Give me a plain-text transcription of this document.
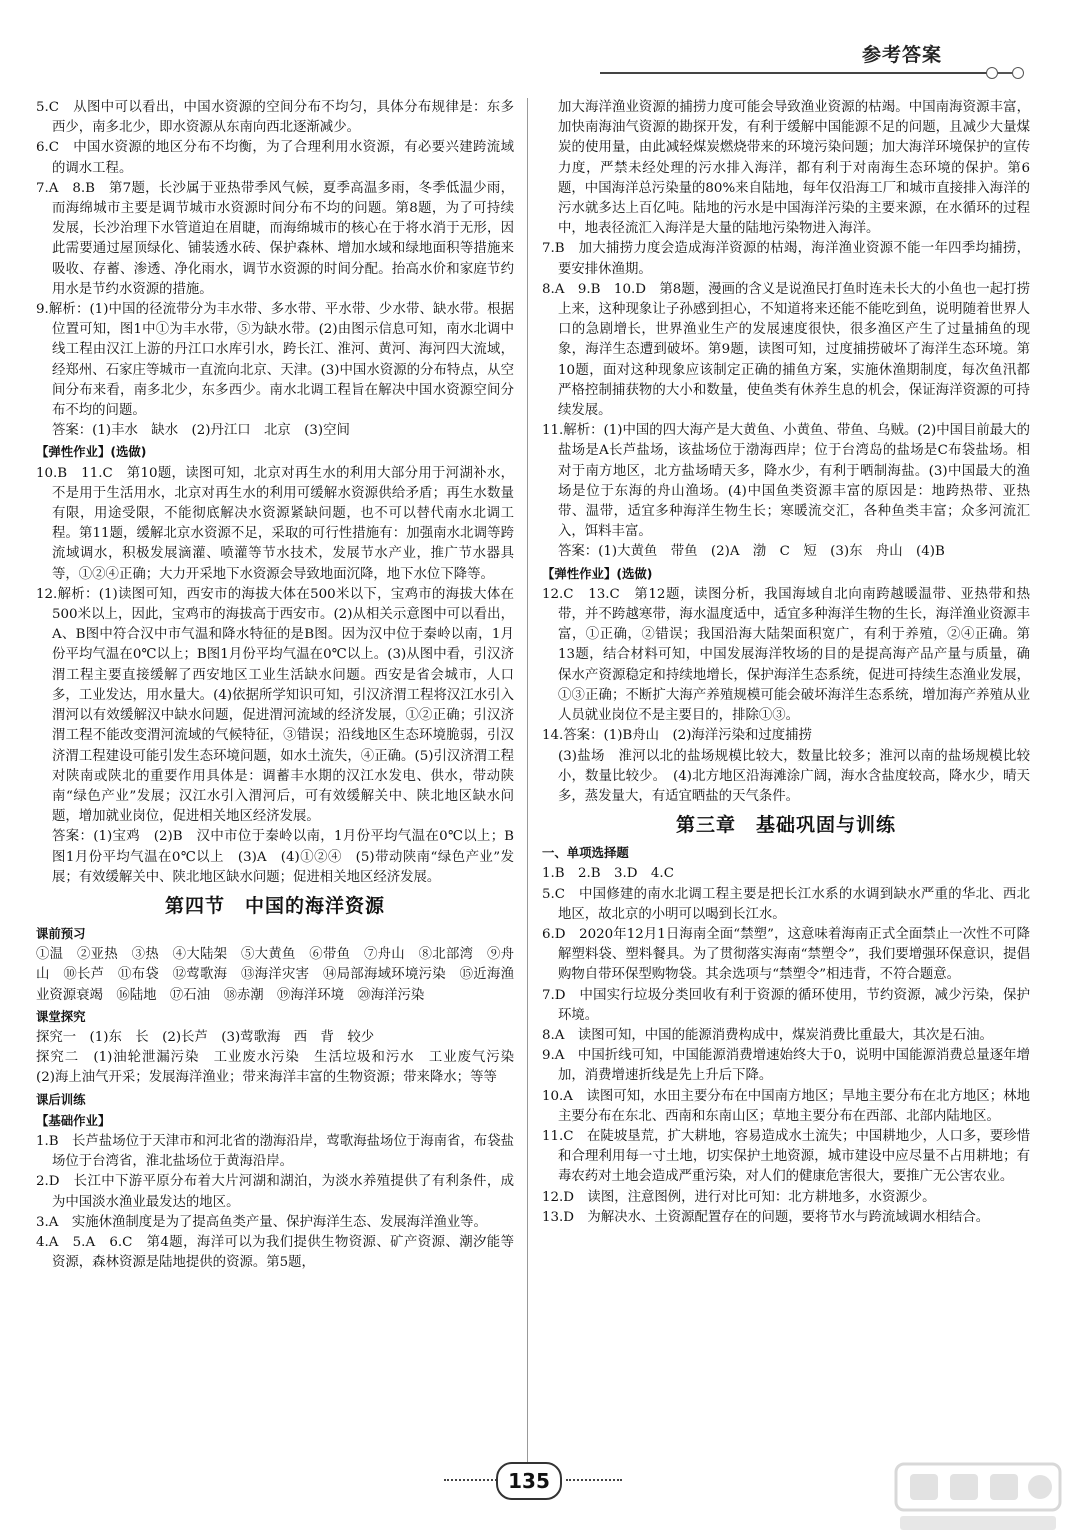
参考答案
5.C　从图中可以看出，中国水资源的空间分布不均匀，具体分布规律是：东多西少，南多北少，即水资源从东南向西北逐渐减少。
6.C　中国水资源的地区分布不均衡，为了合理利用水资源，有必要兴建跨流域的调水工程。
7.A　8.B　第7题，长沙属于亚热带季风气候，夏季高温多雨，冬季低温少雨，而海绵城市主要是调节城市水资源时间分布不均的问题。第8题，为了可持续发展，长沙治理下水管道迫在眉睫，而海绵城市的核心在于将水消于无形，因此需要通过屋顶绿化、铺装透水砖、保护森林、增加水域和绿地面积等措施来吸收、存蓄、渗透、净化雨水，调节水资源的时间分配。抬高水价和家庭节约用水是节约水资源的措施。
9.解析：(1)中国的径流带分为丰水带、多水带、平水带、少水带、缺水带。根据位置可知，图1中①为丰水带，⑤为缺水带。(2)由图示信息可知，南水北调中线工程由汉江上游的丹江口水库引水，跨长江、淮河、黄河、海河四大流域，经郑州、石家庄等城市一直流向北京、天津。(3)中国水资源的分布特点，从空间分布来看，南多北少，东多西少。南水北调工程旨在解决中国水资源空间分布不均的问题。
答案：(1)丰水　缺水　(2)丹江口　北京　(3)空间
【弹性作业】(选做)
10.B　11.C　第10题，读图可知，北京对再生水的利用大部分用于河湖补水，不是用于生活用水，北京对再生水的利用可缓解水资源供给矛盾；再生水数量有限，用途受限，不能彻底解决水资源紧缺问题，也不可以替代南水北调工程。第11题，缓解北京水资源不足，采取的可行性措施有：加强南水北调等跨流域调水，积极发展滴灌、喷灌等节水技术，发展节水产业，推广节水器具等，①②④正确；大力开采地下水资源会导致地面沉降，地下水位下降等。
12.解析：(1)读图可知，西安市的海拔大体在500米以下，宝鸡市的海拔大体在500米以上，因此，宝鸡市的海拔高于西安市。(2)从相关示意图中可以看出，A、B图中符合汉中市气温和降水特征的是B图。因为汉中位于秦岭以南，1月份平均气温在0℃以上；B图1月份平均气温在0℃以上。(3)从图中看，引汉济渭工程主要直接缓解了西安地区工业生活缺水问题。西安是省会城市，人口多，工业发达，用水量大。(4)依据所学知识可知，引汉济渭工程将汉江水引入渭河以有效缓解汉中缺水问题，促进渭河流域的经济发展，①②正确；引汉济渭工程不能改变渭河流域的气候特征，③错误；沿线地区生态环境脆弱，引汉济渭工程建设可能引发生态环境问题，如水土流失，④正确。(5)引汉济渭工程对陕南或陕北的重要作用具体是：调蓄丰水期的汉江水发电、供水，带动陕南“绿色产业”发展；汉江水引入渭河后，可有效缓解关中、陕北地区缺水问题，增加就业岗位，促进相关地区经济发展。
答案：(1)宝鸡　(2)B　汉中市位于秦岭以南，1月份平均气温在0℃以上；B图1月份平均气温在0℃以上　(3)A　(4)①②④　(5)带动陕南“绿色产业”发展；有效缓解关中、陕北地区缺水问题；促进相关地区经济发展。
第四节　中国的海洋资源
课前预习
①温　②亚热　③热　④大陆架　⑤大黄鱼　⑥带鱼　⑦舟山　⑧北部湾　⑨舟山　⑩长芦　⑪布袋　⑫莺歌海　⑬海洋灾害　⑭局部海域环境污染　⑮近海渔业资源衰竭　⑯陆地　⑰石油　⑱赤潮　⑲海洋环境　⑳海洋污染
课堂探究
探究一　(1)东　长　(2)长芦　(3)莺歌海　西　背　较少
探究二　(1)油轮泄漏污染　工业废水污染　生活垃圾和污水　工业废气污染　(2)海上油气开采；发展海洋渔业；带来海洋丰富的生物资源；带来降水；等等
课后训练
【基础作业】
1.B　长芦盐场位于天津市和河北省的渤海沿岸，莺歌海盐场位于海南省，布袋盐场位于台湾省，淮北盐场位于黄海沿岸。
2.D　长江中下游平原分布着大片河湖和湖泊，为淡水养殖提供了有利条件，成为中国淡水渔业最发达的地区。
3.A　实施休渔制度是为了提高鱼类产量、保护海洋生态、发展海洋渔业等。
4.A　5.A　6.C　第4题，海洋可以为我们提供生物资源、矿产资源、潮汐能等资源，森林资源是陆地提供的资源。第5题，
加大海洋渔业资源的捕捞力度可能会导致渔业资源的枯竭。中国南海资源丰富，加快南海油气资源的勘探开发，有利于缓解中国能源不足的问题，且减少大量煤炭的使用量，由此减轻煤炭燃烧带来的环境污染问题；加大海洋环境保护的宣传力度，严禁未经处理的污水排入海洋，都有利于对南海生态环境的保护。第6题，中国海洋总污染量的80%来自陆地，每年仅沿海工厂和城市直接排入海洋的污水就多达上百亿吨。陆地的污水是中国海洋污染的主要来源，在水循环的过程中，地表径流汇入海洋是大量的陆地污染物进入海洋。
7.B　加大捕捞力度会造成海洋资源的枯竭，海洋渔业资源不能一年四季均捕捞，要安排休渔期。
8.A　9.B　10.D　第8题，漫画的含义是说渔民打鱼时连未长大的小鱼也一起打捞上来，这种现象让子孙感到担心，不知道将来还能不能吃到鱼，说明随着世界人口的急剧增长，世界渔业生产的发展速度很快，很多渔区产生了过量捕鱼的现象，海洋生态遭到破坏。第9题，读图可知，过度捕捞破坏了海洋生态环境。第10题，面对这种现象应该制定正确的捕鱼方案，实施休渔期制度，每次鱼汛都严格控制捕获物的大小和数量，使鱼类有休养生息的机会，保证海洋资源的可持续发展。
11.解析：(1)中国的四大海产是大黄鱼、小黄鱼、带鱼、乌贼。(2)中国目前最大的盐场是A长芦盐场，该盐场位于渤海西岸；位于台湾岛的盐场是C布袋盐场。相对于南方地区，北方盐场晴天多，降水少，有利于晒制海盐。(3)中国最大的渔场是位于东海的舟山渔场。(4)中国鱼类资源丰富的原因是：地跨热带、亚热带、温带，适宜多种海洋生物生长；寒暖流交汇，各种鱼类丰富；众多河流汇入，饵料丰富。
答案：(1)大黄鱼　带鱼　(2)A　渤　C　短　(3)东　舟山　(4)B
【弹性作业】(选做)
12.C　13.C　第12题，读图分析，我国海域自北向南跨越暖温带、亚热带和热带，并不跨越寒带，海水温度适中，适宜多种海洋生物的生长，海洋渔业资源丰富，①正确，②错误；我国沿海大陆架面积宽广，有利于养殖，②④正确。第13题，结合材料可知，中国发展海洋牧场的目的是提高海产品产量与质量，确保水产资源稳定和持续地增长，保护海洋生态系统，促进可持续生态渔业发展，①③正确；不断扩大海产养殖规模可能会破坏海洋生态系统，增加海产养殖从业人员就业岗位不是主要目的，排除①③。
14.答案：(1)B舟山　(2)海洋污染和过度捕捞
(3)盐场　淮河以北的盐场规模比较大，数量比较多；淮河以南的盐场规模比较小，数量比较少。　(4)北方地区沿海滩涂广阔，海水含盐度较高，降水少，晴天多，蒸发量大，有适宜晒盐的天气条件。
第三章　基础巩固与训练
一、单项选择题
1.B　2.B　3.D　4.C
5.C　中国修建的南水北调工程主要是把长江水系的水调到缺水严重的华北、西北地区，故北京的小明可以喝到长江水。
6.D　2020年12月1日海南全面“禁塑”，这意味着海南正式全面禁止一次性不可降解塑料袋、塑料餐具。为了贯彻落实海南“禁塑令”，我们要增强环保意识，提倡购物自带环保型购物袋。其余选项与“禁塑令”相违背，不符合题意。
7.D　中国实行垃圾分类回收有利于资源的循环使用，节约资源，减少污染，保护环境。
8.A　读图可知，中国的能源消费构成中，煤炭消费比重最大，其次是石油。
9.A　中国折线可知，中国能源消费增速始终大于0，说明中国能源消费总量逐年增加，消费增速折线是先上升后下降。
10.A　读图可知，水田主要分布在中国南方地区；旱地主要分布在北方地区；林地主要分布在东北、西南和东南山区；草地主要分布在西部、北部内陆地区。
11.C　在陡坡垦荒，扩大耕地，容易造成水土流失；中国耕地少，人口多，要珍惜和合理利用每一寸土地，切实保护土地资源，城市建设中应尽量不占用耕地；有毒农药对土地会造成严重污染，对人们的健康危害很大，要推广无公害农业。
12.D　读图，注意图例，进行对比可知：北方耕地多，水资源少。
13.D　为解决水、土资源配置存在的问题，要将节水与跨流域调水相结合。
135
